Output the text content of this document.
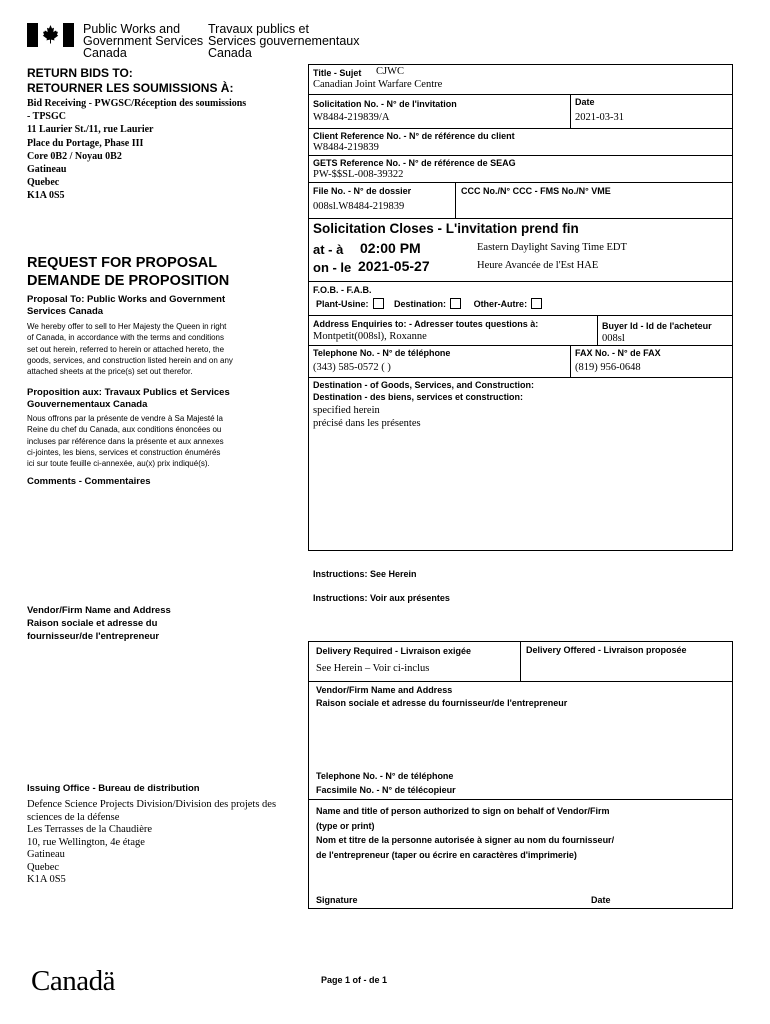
Public Works and
Government Services
Canada
Travaux publics et
Services gouvernementaux
Canada
RETURN BIDS TO:
RETOURNER LES SOUMISSIONS À:
Bid Receiving - PWGSC/Réception des soumissions
- TPSGC
11 Laurier St./11, rue Laurier
Place du Portage, Phase III
Core 0B2 / Noyau 0B2
Gatineau
Quebec
K1A 0S5
REQUEST FOR PROPOSAL
DEMANDE DE PROPOSITION
Proposal To: Public Works and Government
Services Canada
We hereby offer to sell to Her Majesty the Queen in right
of Canada, in accordance with the terms and conditions
set out herein, referred to herein or attached hereto, the
goods, services, and construction listed herein and on any
attached sheets at the price(s) set out therefor.
Proposition aux: Travaux Publics et Services
Gouvernementaux Canada
Nous offrons par la présente de vendre à Sa Majesté la
Reine du chef du Canada, aux conditions énoncées ou
incluses par référence dans la présente et aux annexes
ci-jointes, les biens, services et construction énumérés
ici sur toute feuille ci-annexée, au(x) prix indiqué(s).
Comments - Commentaires
Vendor/Firm Name and Address
Raison sociale et adresse du
fournisseur/de l'entrepreneur
Issuing Office - Bureau de distribution
Defence Science Projects Division/Division des projets des
sciences de la défense
Les Terrasses de la Chaudière
10, rue Wellington, 4e étage
Gatineau
Quebec
K1A 0S5
Title - Sujet CJWC
Canadian Joint Warfare Centre
Solicitation No. - N° de l'invitation
W8484-219839/A
Date
2021-03-31
Client Reference No. - N° de référence du client
W8484-219839
GETS Reference No. - N° de référence de SEAG
PW-$$SL-008-39322
File No. - N° de dossier
008sl.W8484-219839
CCC No./N° CCC - FMS No./N° VME
Solicitation Closes - L'invitation prend fin
at - à 02:00 PM
on - le 2021-05-27
Eastern Daylight Saving Time EDT
Heure Avancée de l'Est HAE
F.O.B. - F.A.B.
Plant-Usine:	Destination:	Other-Autre:
Address Enquiries to: - Adresser toutes questions à:
Montpetit(008sl), Roxanne
Buyer Id - Id de l'acheteur
008sl
Telephone No. - N° de téléphone
(343) 585-0572 ( )
FAX No. - N° de FAX
(819) 956-0648
Destination - of Goods, Services, and Construction:
Destination - des biens, services et construction:
specified herein
précisé dans les présentes
Instructions: See Herein
Instructions: Voir aux présentes
Delivery Required - Livraison exigée
See Herein – Voir ci-inclus
Delivery Offered - Livraison proposée
Vendor/Firm Name and Address
Raison sociale et adresse du fournisseur/de l'entrepreneur
Telephone No. - N° de téléphone
Facsimile No. - N° de télécopieur
Name and title of person authorized to sign on behalf of Vendor/Firm
(type or print)
Nom et titre de la personne autorisée à signer au nom du fournisseur/
de l'entrepreneur (taper ou écrire en caractères d'imprimerie)
Signature	Date
Canadä	Page 1 of - de 1
